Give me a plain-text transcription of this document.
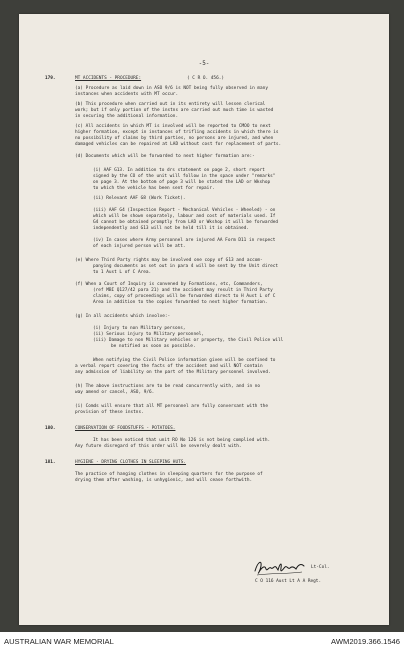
-5-
179.	MT ACCIDENTS - PROCEDURE:	( C R O. 456.)
(a) Procedure as laid down in ASO 9/6 is NOT being fully observed in many
instances when accidents with MT occur.
(b) This procedure when carried out in its entirety will lessen clerical
work; but if only portion of the instns are carried out much time is wasted
in securing the additional information.
(c) All accidents in which MT is involved will be reported to CMOO to next
higher formation, except in instances of trifling accidents in which there is
no possibility of claims by third parties, no persons are injured, and when
damaged vehicles can be repaired at LAD without cost for replacement of parts.
(d) Documents which will be forwarded to next higher formation are:-
(i) AAF G13. In addition to drs statement on page 2, short report
signed by the CO of the unit will follow in the space under "remarks"
on page 3. At the bottom of page 3 will be stated the LAD or Wkshop
to which the vehicle has been sent for repair.
(ii) Relevant AAF G8 (Work Ticket).
(iii) AAF G4 (Inspection Report - Mechanical Vehicles - Wheeled) - on
which will be shown separately, labour and cost of materials used. If
G4 cannot be obtained promptly from LAD or Wkshop it will be forwarded
independently and G13 will not be held till it is obtained.
(iv) In cases where Army personnel are injured AA Form D11 in respect
of each injured person will be att.
(e) Where Third Party rights may be involved one copy of G13 and accom-
panying documents as set out in para 4 will be sent by the Unit direct
to 1 Aust L of C Area.
(f) When a Court of Inquiry is convened by Formations, etc, Commanders,
(ref MBI Q127/42 para 21) and the accident may result in Third Party
claims, copy of proceedings will be forwarded direct to H Aust L of C
Area in addition to the copies forwarded to next higher formation.
(g) In all accidents which involve:-
(i) Injury to non Military persons,
(ii) Serious injury to Military personnel,
(iii) Damage to non Military vehicles or property, the Civil Police will
be notified as soon as possible.
When notifying the Civil Police information given will be confined to
a verbal report covering the facts of the accident and will NOT contain
any admission of liability on the part of the Military personnel involved.
(h) The above instructions are to be read concurrently with, and in no
way amend or cancel, ASO, 9/6.
(i) Comds will ensure that all MT personnel are fully conversant with the
provision of these instns.
180.	CONSERVATION OF FOODSTUFFS - POTATOES.
It has been noticed that unit RO No 126 is not being complied with.
Any future disregard of this order will be severely dealt with.
181.	HYGIENE - DRYING CLOTHES IN SLEEPING HUTS.
The practice of hanging clothes in sleeping quarters for the purpose of
drying them after washing, is unhygienic, and will cease forthwith.
Lt-Col.
C O 116 Aust Lt A A Regt.
AUSTRALIAN WAR MEMORIAL	AWM2019.366.1546
